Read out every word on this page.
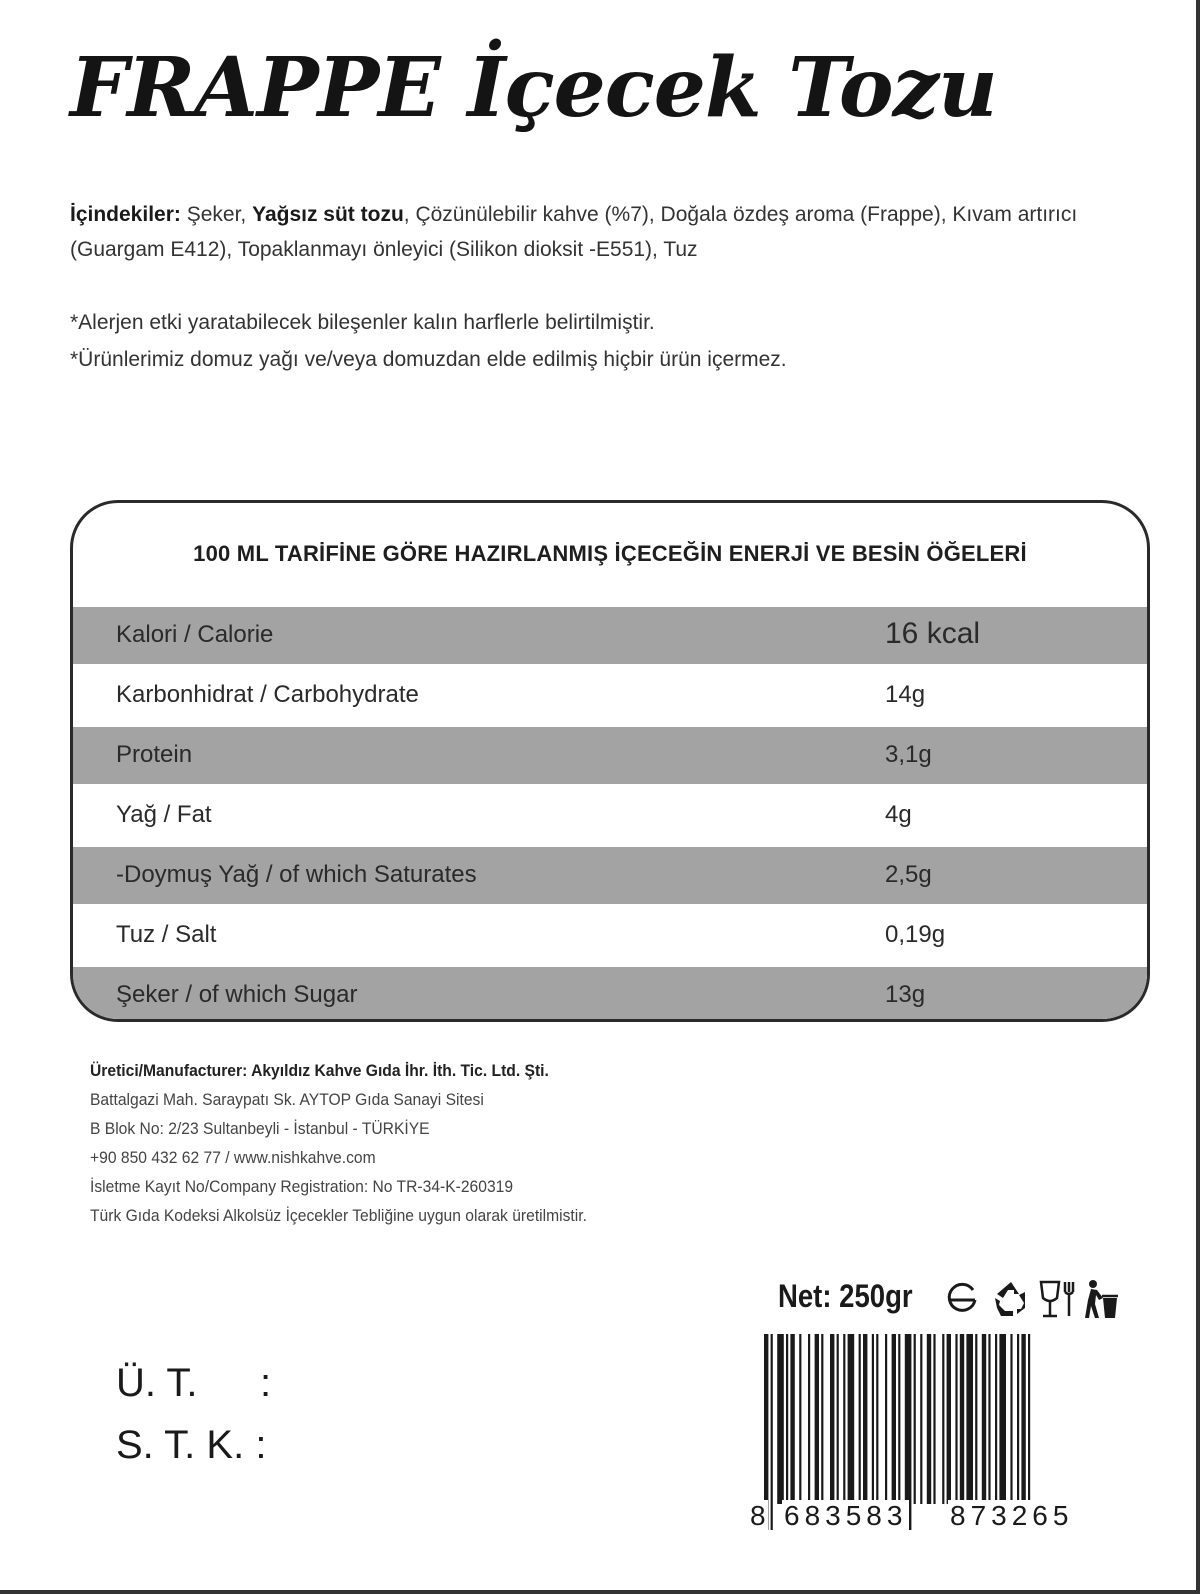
FRAPPE İçecek Tozu
İçindekiler: Şeker, Yağsız süt tozu, Çözünülebilir kahve (%7), Doğala özdeş aroma (Frappe), Kıvam artırıcı (Guargam E412), Topaklanmayı önleyici (Silikon dioksit -E551), Tuz
*Alerjen etki yaratabilecek bileşenler kalın harflerle belirtilmiştir.
*Ürünlerimiz domuz yağı ve/veya domuzdan elde edilmiş hiçbir ürün içermez.
100 ML TARİFİNE GÖRE HAZIRLANMIŞ İÇECEĞİN ENERJİ VE BESİN ÖĞELERİ
Kalori / Calorie	16 kcal
Karbonhidrat / Carbohydrate	14g
Protein	3,1g
Yağ / Fat	4g
-Doymuş Yağ / of which Saturates	2,5g
Tuz / Salt	0,19g
Şeker / of which Sugar	13g
Üretici/Manufacturer: Akyıldız Kahve Gıda İhr. İth. Tic. Ltd. Şti.
Battalgazi Mah. Saraypatı Sk. AYTOP Gıda Sanayi Sitesi
B Blok No: 2/23 Sultanbeyli - İstanbul - TÜRKİYE
+90 850 432 62 77 / www.nishkahve.com
İsletme Kayıt No/Company Registration: No TR-34-K-260319
Türk Gıda Kodeksi Alkolsüz İçecekler Tebliğine uygun olarak üretilmistir.
Ü. T. :
S. T. K. :
Net: 250gr
8 683583 873265
